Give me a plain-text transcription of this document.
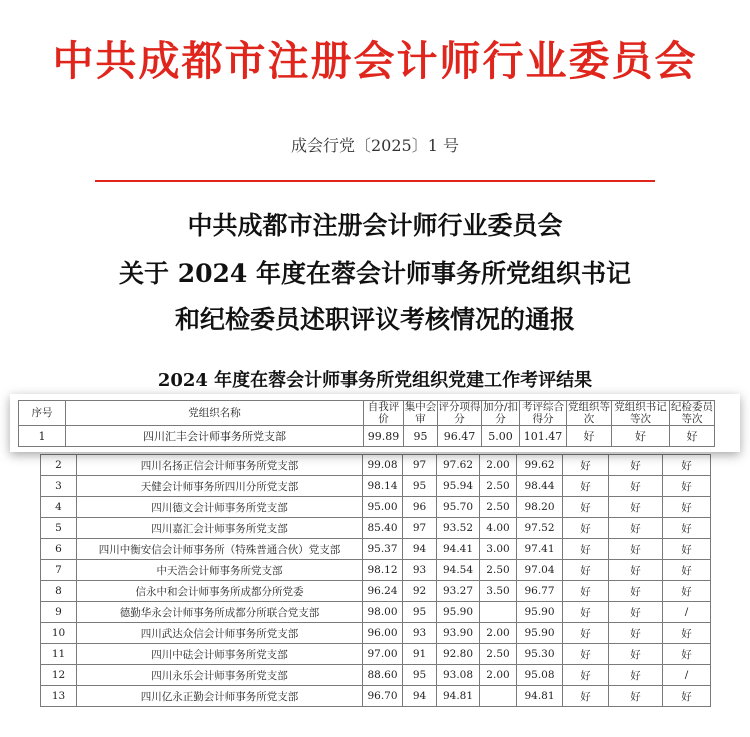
中共成都市注册会计师行业委员会
成会行党〔2025〕1 号
中共成都市注册会计师行业委员会
关于 2024 年度在蓉会计师事务所党组织书记
和纪检委员述职评议考核情况的通报
2024 年度在蓉会计师事务所党组织党建工作考评结果
序号	党组织名称	自我评价	集中会审	评分项得分	加分/扣分	考评综合得分	党组织等次	党组织书记等次	纪检委员等次
1	四川汇丰会计师事务所党支部	99.89	95	96.47	5.00	101.47	好	好	好
2	四川名扬正信会计师事务所党支部	99.08	97	97.62	2.00	99.62	好	好	好
3	天健会计师事务所四川分所党支部	98.14	95	95.94	2.50	98.44	好	好	好
4	四川德文会计师事务所党支部	95.00	96	95.70	2.50	98.20	好	好	好
5	四川嘉汇会计师事务所党支部	85.40	97	93.52	4.00	97.52	好	好	好
6	四川中衡安信会计师事务所（特殊普通合伙）党支部	95.37	94	94.41	3.00	97.41	好	好	好
7	中天浩会计师事务所党支部	98.12	93	94.54	2.50	97.04	好	好	好
8	信永中和会计师事务所成都分所党委	96.24	92	93.27	3.50	96.77	好	好	好
9	德勤华永会计师事务所成都分所联合党支部	98.00	95	95.90		95.90	好	好	/
10	四川武达众信会计师事务所党支部	96.00	93	93.90	2.00	95.90	好	好	好
11	四川中砝会计师事务所党支部	97.00	91	92.80	2.50	95.30	好	好	好
12	四川永乐会计师事务所党支部	88.60	95	93.08	2.00	95.08	好	好	/
13	四川亿永正勤会计师事务所党支部	96.70	94	94.81		94.81	好	好	好
